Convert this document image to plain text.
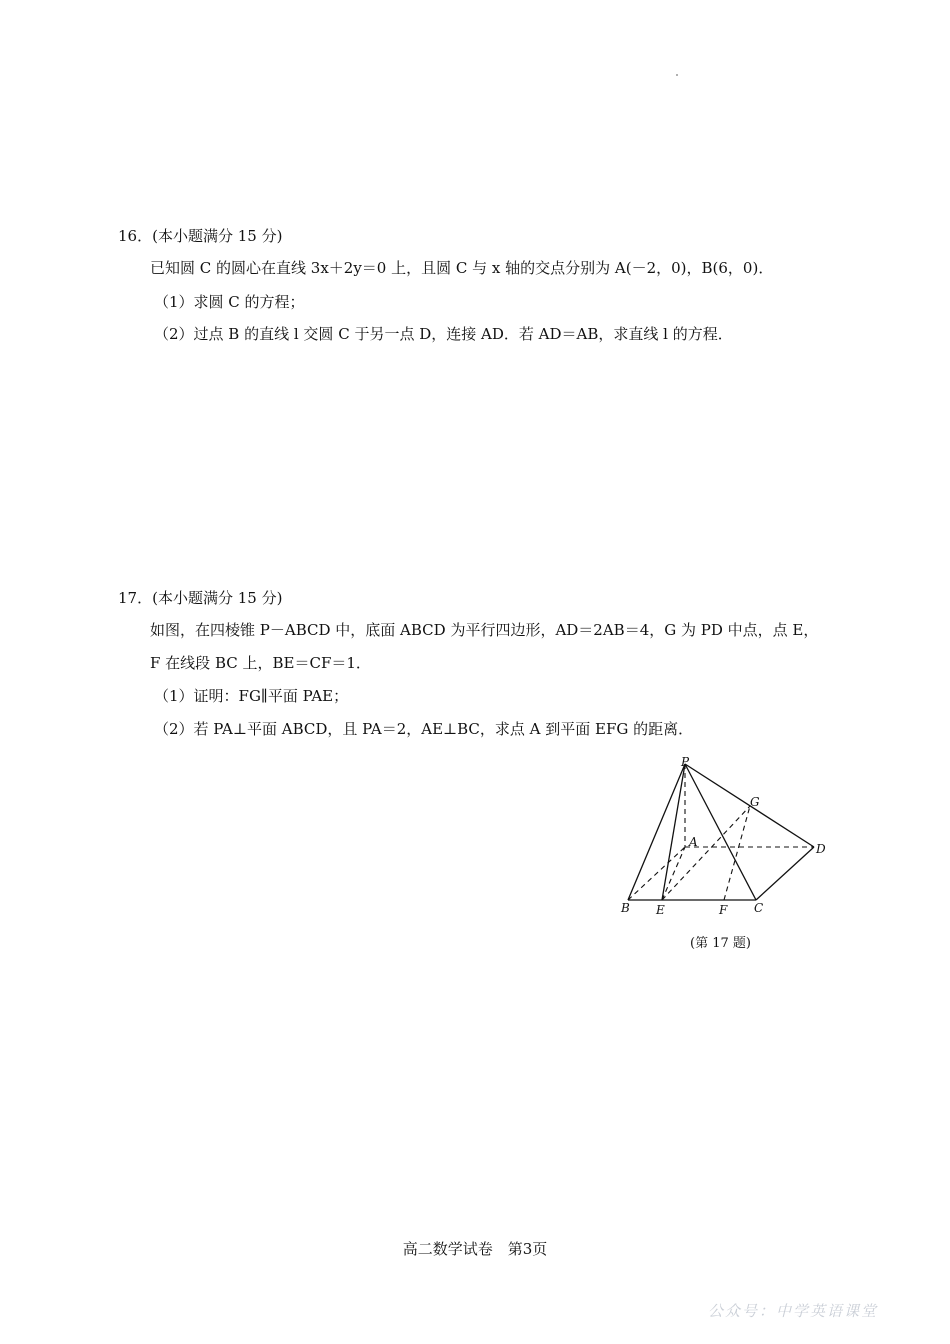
16．(本小题满分 15 分)
已知圆 C 的圆心在直线 3x＋2y＝0 上，且圆 C 与 x 轴的交点分别为 A(－2，0)，B(6，0)．
（1）求圆 C 的方程；
（2）过点 B 的直线 l 交圆 C 于另一点 D，连接 AD．若 AD＝AB，求直线 l 的方程．
17．(本小题满分 15 分)
如图，在四棱锥 P－ABCD 中，底面 ABCD 为平行四边形，AD＝2AB＝4，G 为 PD 中点，点 E，
F 在线段 BC 上，BE＝CF＝1．
（1）证明：FG∥平面 PAE；
（2）若 PA⊥平面 ABCD，且 PA＝2，AE⊥BC，求点 A 到平面 EFG 的距离．
P
G
A	D
B E	F C
(第 17 题)
高二数学试卷　第3页
公众号：中学英语课堂
